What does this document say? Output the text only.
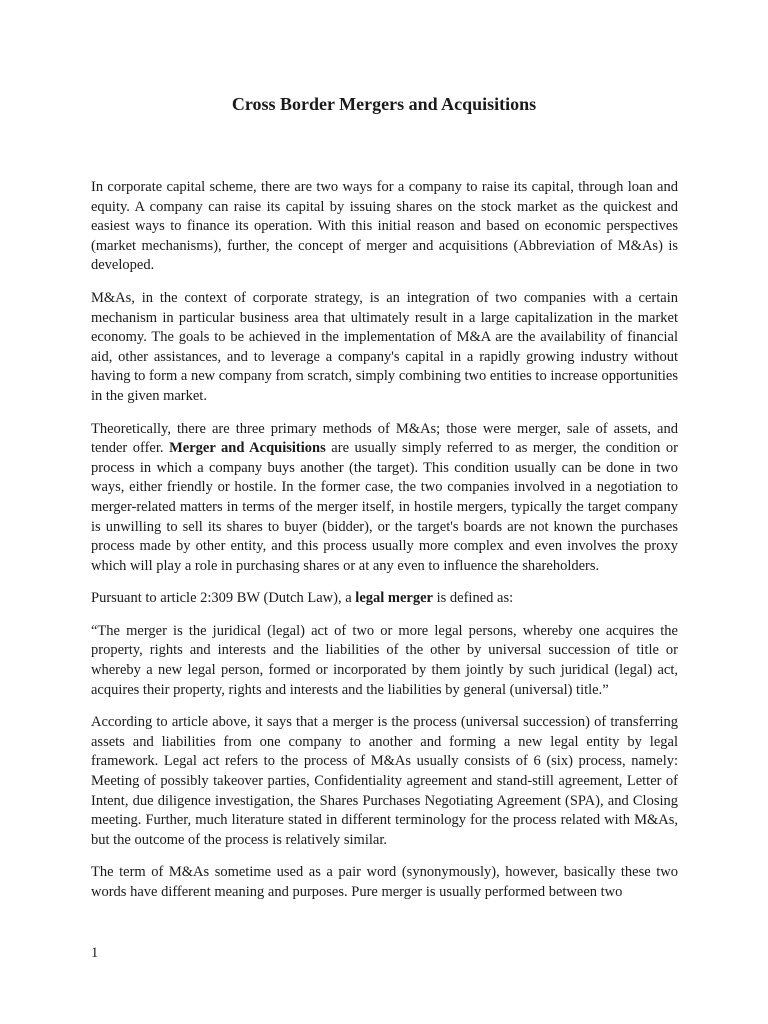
Cross Border Mergers and Acquisitions

In corporate capital scheme, there are two ways for a company to raise its capital, through loan and equity. A company can raise its capital by issuing shares on the stock market as the quickest and easiest ways to finance its operation. With this initial reason and based on economic perspectives (market mechanisms), further, the concept of merger and acquisitions (Abbreviation of M&As) is developed.

M&As, in the context of corporate strategy, is an integration of two companies with a certain mechanism in particular business area that ultimately result in a large capitalization in the market economy. The goals to be achieved in the implementation of M&A are the availability of financial aid, other assistances, and to leverage a company's capital in a rapidly growing industry without having to form a new company from scratch, simply combining two entities to increase opportunities in the given market.

Theoretically, there are three primary methods of M&As; those were merger, sale of assets, and tender offer. Merger and Acquisitions are usually simply referred to as merger, the condition or process in which a company buys another (the target). This condition usually can be done in two ways, either friendly or hostile. In the former case, the two companies involved in a negotiation to merger-related matters in terms of the merger itself, in hostile mergers, typically the target company is unwilling to sell its shares to buyer (bidder), or the target's boards are not known the purchases process made by other entity, and this process usually more complex and even involves the proxy which will play a role in purchasing shares or at any even to influence the shareholders.

Pursuant to article 2:309 BW (Dutch Law), a legal merger is defined as:

“The merger is the juridical (legal) act of two or more legal persons, whereby one acquires the property, rights and interests and the liabilities of the other by universal succession of title or whereby a new legal person, formed or incorporated by them jointly by such juridical (legal) act, acquires their property, rights and interests and the liabilities by general (universal) title.”

According to article above, it says that a merger is the process (universal succession) of transferring assets and liabilities from one company to another and forming a new legal entity by legal framework. Legal act refers to the process of M&As usually consists of 6 (six) process, namely: Meeting of possibly takeover parties, Confidentiality agreement and stand-still agreement, Letter of Intent, due diligence investigation, the Shares Purchases Negotiating Agreement (SPA), and Closing meeting. Further, much literature stated in different terminology for the process related with M&As, but the outcome of the process is relatively similar.

The term of M&As sometime used as a pair word (synonymously), however, basically these two words have different meaning and purposes. Pure merger is usually performed between two

1
